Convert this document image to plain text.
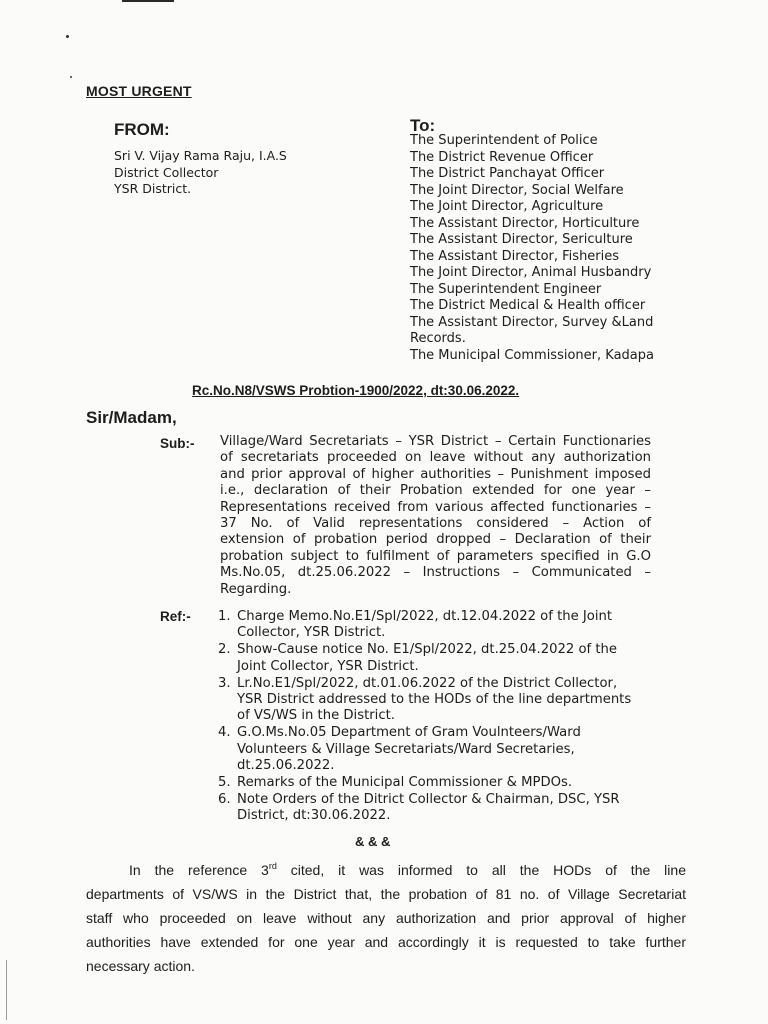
MOST URGENT
FROM:
Sri V. Vijay Rama Raju, I.A.S
District Collector
YSR District.
To:
The Superintendent of Police
The District Revenue Officer
The District Panchayat Officer
The Joint Director, Social Welfare
The Joint Director, Agriculture
The Assistant Director, Horticulture
The Assistant Director, Sericulture
The Assistant Director, Fisheries
The Joint Director, Animal Husbandry
The Superintendent Engineer
The District Medical & Health officer
The Assistant Director, Survey &Land
Records.
The Municipal Commissioner, Kadapa
Rc.No.N8/VSWS Probtion-1900/2022, dt:30.06.2022.
Sir/Madam,
Sub:- Village/Ward Secretariats – YSR District – Certain Functionaries
of secretariats proceeded on leave without any authorization
and prior approval of higher authorities – Punishment imposed
i.e., declaration of their Probation extended for one year –
Representations received from various affected functionaries –
37 No. of Valid representations considered – Action of
extension of probation period dropped – Declaration of their
probation subject to fulfilment of parameters specified in G.O
Ms.No.05, dt.25.06.2022 – Instructions – Communicated –
Regarding.
Ref:- 1. Charge Memo.No.E1/Spl/2022, dt.12.04.2022 of the Joint
Collector, YSR District.
2. Show-Cause notice No. E1/Spl/2022, dt.25.04.2022 of the
Joint Collector, YSR District.
3. Lr.No.E1/Spl/2022, dt.01.06.2022 of the District Collector,
YSR District addressed to the HODs of the line departments
of VS/WS in the District.
4. G.O.Ms.No.05 Department of Gram Voulnteers/Ward
Volunteers & Village Secretariats/Ward Secretaries,
dt.25.06.2022.
5. Remarks of the Municipal Commissioner & MPDOs.
6. Note Orders of the Ditrict Collector & Chairman, DSC, YSR
District, dt:30.06.2022.
& & &
In the reference 3rd cited, it was informed to all the HODs of the line
departments of VS/WS in the District that, the probation of 81 no. of Village Secretariat
staff who proceeded on leave without any authorization and prior approval of higher
authorities have extended for one year and accordingly it is requested to take further
necessary action.
